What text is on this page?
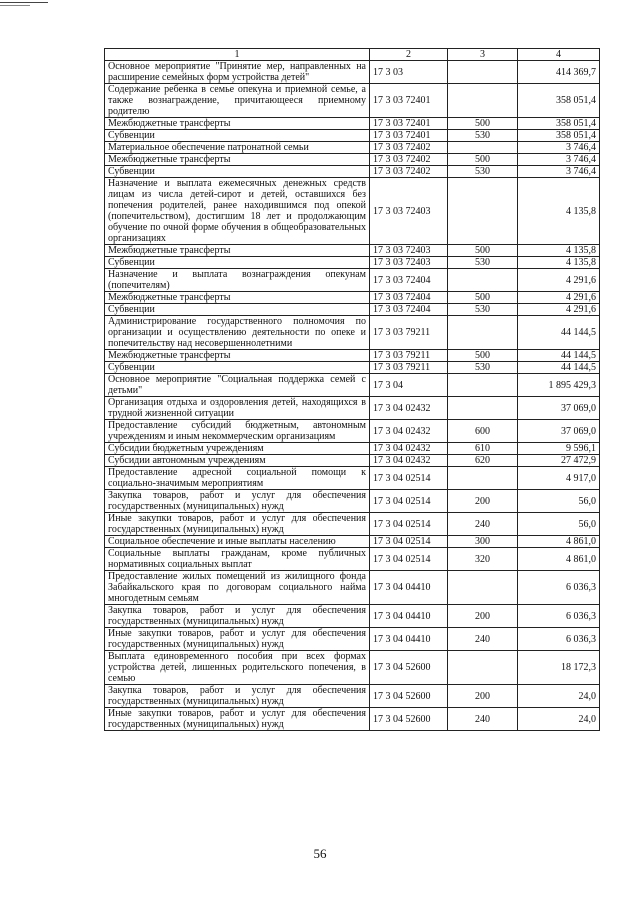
1	2	3	4
Основное мероприятие "Принятие мер, направленных на расширение семейных форм устройства детей"	17 3 03		414 369,7
Содержание ребенка в семье опекуна и приемной семье, а также вознаграждение, причитающееся приемному родителю	17 3 03 72401		358 051,4
Межбюджетные трансферты	17 3 03 72401	500	358 051,4
Субвенции	17 3 03 72401	530	358 051,4
Материальное обеспечение патронатной семьи	17 3 03 72402		3 746,4
Межбюджетные трансферты	17 3 03 72402	500	3 746,4
Субвенции	17 3 03 72402	530	3 746,4
Назначение и выплата ежемесячных денежных средств лицам из числа детей-сирот и детей, оставшихся без попечения родителей, ранее находившимся под опекой (попечительством), достигшим 18 лет и продолжающим обучение по очной форме обучения в общеобразовательных организациях	17 3 03 72403		4 135,8
Межбюджетные трансферты	17 3 03 72403	500	4 135,8
Субвенции	17 3 03 72403	530	4 135,8
Назначение и выплата вознаграждения опекунам (попечителям)	17 3 03 72404		4 291,6
Межбюджетные трансферты	17 3 03 72404	500	4 291,6
Субвенции	17 3 03 72404	530	4 291,6
Администрирование государственного полномочия по организации и осуществлению деятельности по опеке и попечительству над несовершеннолетними	17 3 03 79211		44 144,5
Межбюджетные трансферты	17 3 03 79211	500	44 144,5
Субвенции	17 3 03 79211	530	44 144,5
Основное мероприятие "Социальная поддержка семей с детьми"	17 3 04		1 895 429,3
Организация отдыха и оздоровления детей, находящихся в трудной жизненной ситуации	17 3 04 02432		37 069,0
Предоставление субсидий бюджетным, автономным учреждениям и иным некоммерческим организациям	17 3 04 02432	600	37 069,0
Субсидии бюджетным учреждениям	17 3 04 02432	610	9 596,1
Субсидии автономным учреждениям	17 3 04 02432	620	27 472,9
Предоставление адресной социальной помощи к социально-значимым мероприятиям	17 3 04 02514		4 917,0
Закупка товаров, работ и услуг для обеспечения государственных (муниципальных) нужд	17 3 04 02514	200	56,0
Иные закупки товаров, работ и услуг для обеспечения государственных (муниципальных) нужд	17 3 04 02514	240	56,0
Социальное обеспечение и иные выплаты населению	17 3 04 02514	300	4 861,0
Социальные выплаты гражданам, кроме публичных нормативных социальных выплат	17 3 04 02514	320	4 861,0
Предоставление жилых помещений из жилищного фонда Забайкальского края по договорам социального найма многодетным семьям	17 3 04 04410		6 036,3
Закупка товаров, работ и услуг для обеспечения государственных (муниципальных) нужд	17 3 04 04410	200	6 036,3
Иные закупки товаров, работ и услуг для обеспечения государственных (муниципальных) нужд	17 3 04 04410	240	6 036,3
Выплата единовременного пособия при всех формах устройства детей, лишенных родительского попечения, в семью	17 3 04 52600		18 172,3
Закупка товаров, работ и услуг для обеспечения государственных (муниципальных) нужд	17 3 04 52600	200	24,0
Иные закупки товаров, работ и услуг для обеспечения государственных (муниципальных) нужд	17 3 04 52600	240	24,0
56
